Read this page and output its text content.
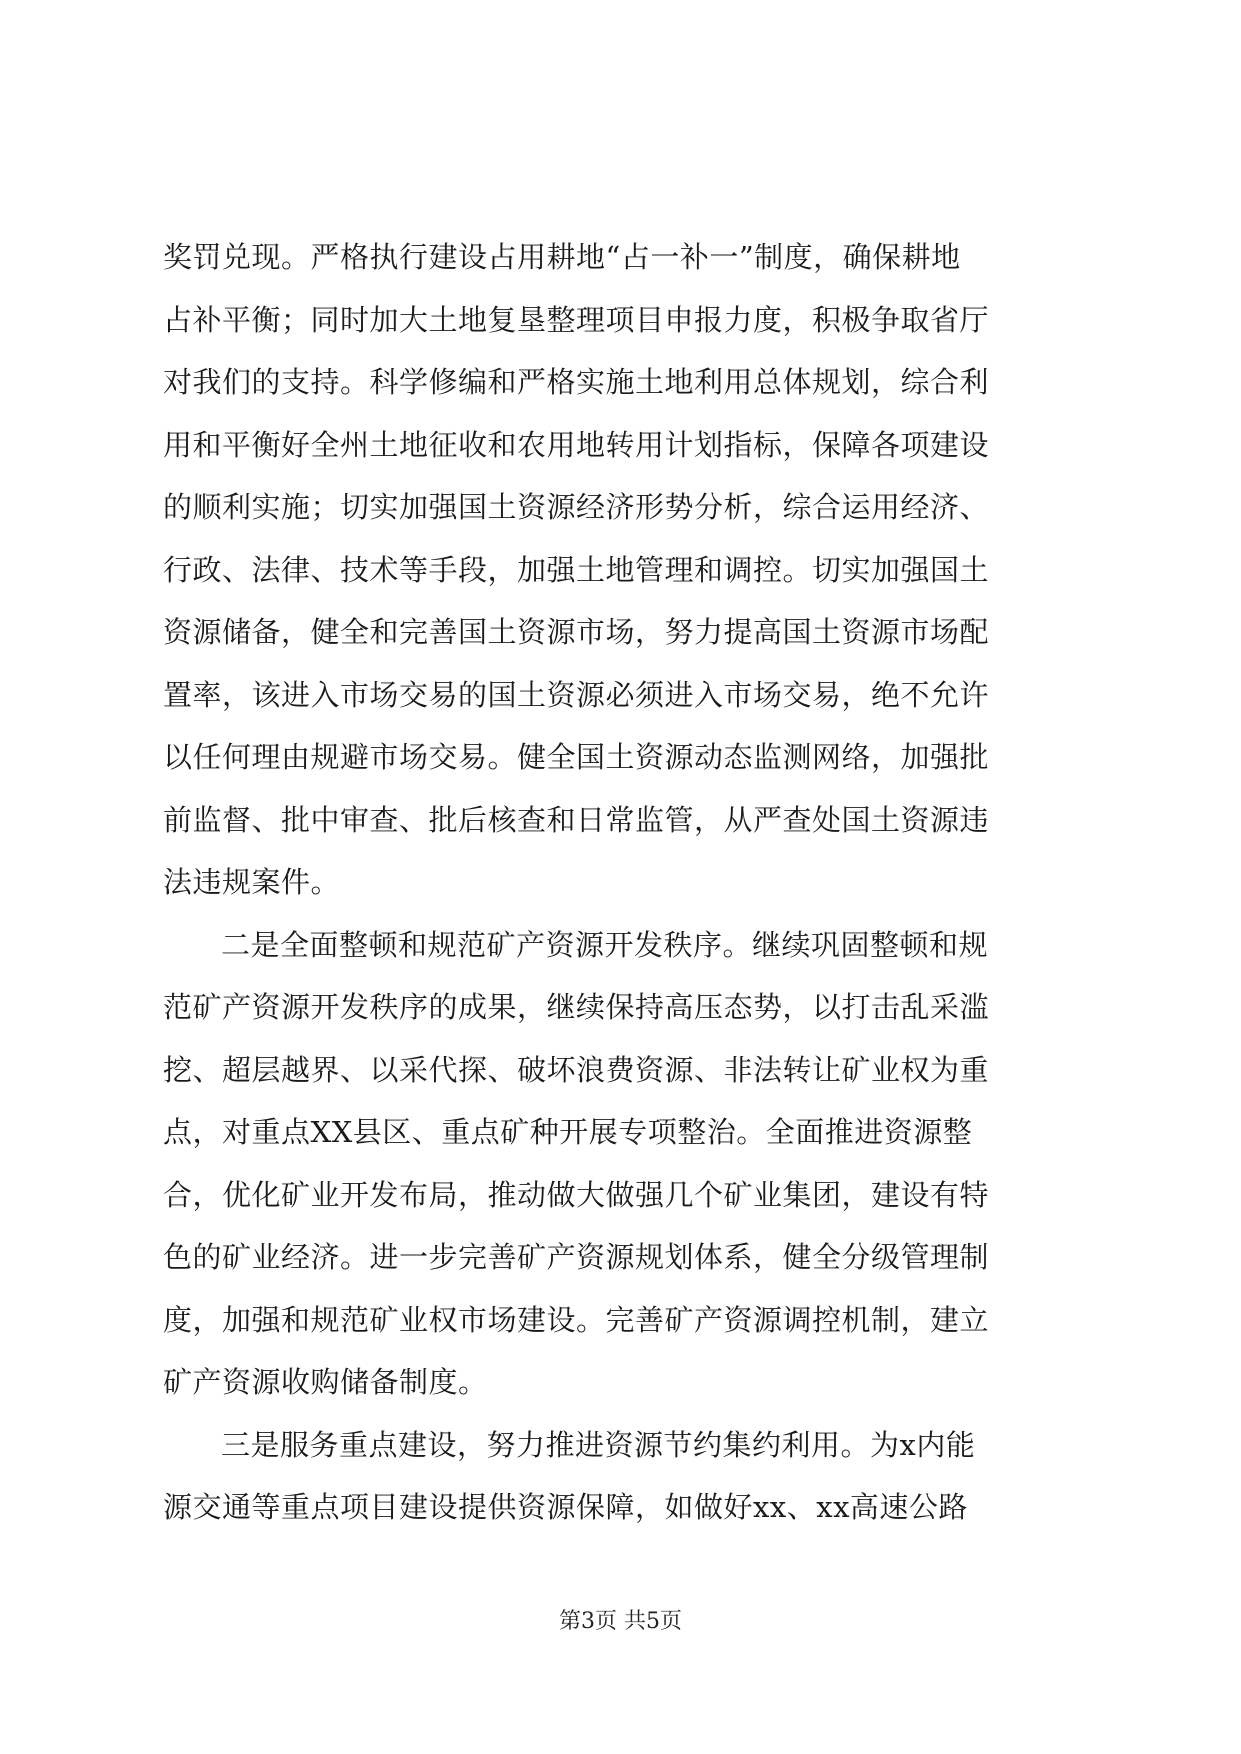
奖罚兑现。严格执行建设占用耕地“占一补一”制度，确保耕地
占补平衡；同时加大土地复垦整理项目申报力度，积极争取省厅
对我们的支持。科学修编和严格实施土地利用总体规划，综合利
用和平衡好全州土地征收和农用地转用计划指标，保障各项建设
的顺利实施；切实加强国土资源经济形势分析，综合运用经济、
行政、法律、技术等手段，加强土地管理和调控。切实加强国土
资源储备，健全和完善国土资源市场，努力提高国土资源市场配
置率，该进入市场交易的国土资源必须进入市场交易，绝不允许
以任何理由规避市场交易。健全国土资源动态监测网络，加强批
前监督、批中审查、批后核查和日常监管，从严查处国土资源违
法违规案件。
二是全面整顿和规范矿产资源开发秩序。继续巩固整顿和规
范矿产资源开发秩序的成果，继续保持高压态势，以打击乱采滥
挖、超层越界、以采代探、破坏浪费资源、非法转让矿业权为重
点，对重点XX县区、重点矿种开展专项整治。全面推进资源整
合，优化矿业开发布局，推动做大做强几个矿业集团，建设有特
色的矿业经济。进一步完善矿产资源规划体系，健全分级管理制
度，加强和规范矿业权市场建设。完善矿产资源调控机制，建立
矿产资源收购储备制度。
三是服务重点建设，努力推进资源节约集约利用。为x内能
源交通等重点项目建设提供资源保障，如做好xx、xx高速公路
第3页 共5页
